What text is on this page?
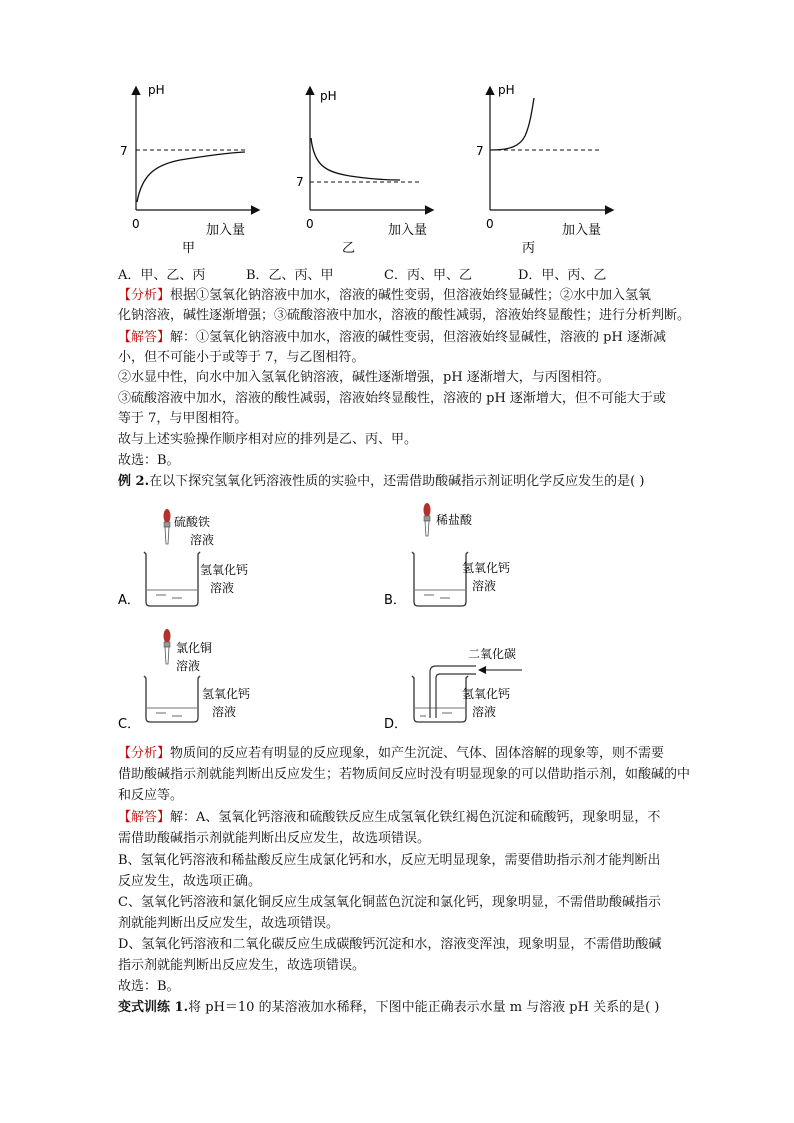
pH
7
0	加入量
甲
pH
7
0	加入量
乙
pH
7
0	加入量
丙
A．甲、乙、丙	B．乙、丙、甲	C．丙、甲、乙	D．甲、丙、乙
【分析】根据①氢氧化钠溶液中加水，溶液的碱性变弱，但溶液始终显碱性；②水中加入氢氧
化钠溶液，碱性逐渐增强；③硫酸溶液中加水，溶液的酸性减弱，溶液始终显酸性；进行分析判断。
【解答】解：①氢氧化钠溶液中加水，溶液的碱性变弱，但溶液始终显碱性，溶液的 pH 逐渐减
小，但不可能小于或等于 7，与乙图相符。
②水显中性，向水中加入氢氧化钠溶液，碱性逐渐增强，pH 逐渐增大，与丙图相符。
③硫酸溶液中加水，溶液的酸性减弱，溶液始终显酸性，溶液的 pH 逐渐增大，但不可能大于或
等于 7，与甲图相符。
故与上述实验操作顺序相对应的排列是乙、丙、甲。
故选：B。
例 2.在以下探究氢氧化钙溶液性质的实验中，还需借助酸碱指示剂证明化学反应发生的是( )
硫酸铁
溶液
氢氧化钙
溶液
A．
稀盐酸
氢氧化钙
溶液
B．
氯化铜
溶液
氢氧化钙
溶液
C．
二氧化碳
氢氧化钙
溶液
D．
【分析】物质间的反应若有明显的反应现象，如产生沉淀、气体、固体溶解的现象等，则不需要
借助酸碱指示剂就能判断出反应发生；若物质间反应时没有明显现象的可以借助指示剂，如酸碱的中
和反应等。
【解答】解：A、氢氧化钙溶液和硫酸铁反应生成氢氧化铁红褐色沉淀和硫酸钙，现象明显，不
需借助酸碱指示剂就能判断出反应发生，故选项错误。
B、氢氧化钙溶液和稀盐酸反应生成氯化钙和水，反应无明显现象，需要借助指示剂才能判断出
反应发生，故选项正确。
C、氢氧化钙溶液和氯化铜反应生成氢氧化铜蓝色沉淀和氯化钙，现象明显，不需借助酸碱指示
剂就能判断出反应发生，故选项错误。
D、氢氧化钙溶液和二氧化碳反应生成碳酸钙沉淀和水，溶液变浑浊，现象明显，不需借助酸碱
指示剂就能判断出反应发生，故选项错误。
故选：B。
变式训练 1.将 pH＝10 的某溶液加水稀释，下图中能正确表示水量 m 与溶液 pH 关系的是( )
